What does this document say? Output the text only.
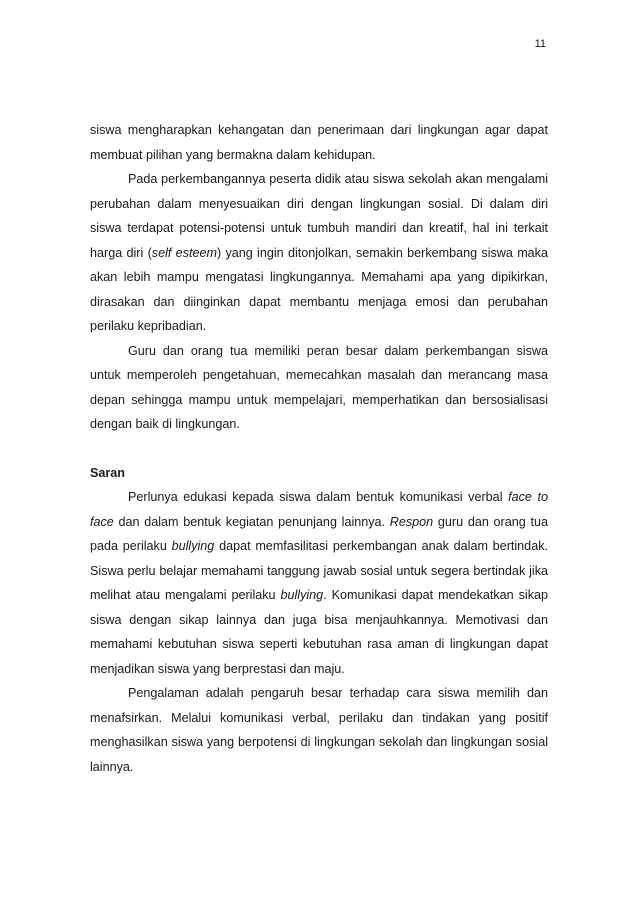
11

siswa mengharapkan kehangatan dan penerimaan dari lingkungan agar dapat membuat pilihan yang bermakna dalam kehidupan.

Pada perkembangannya peserta didik atau siswa sekolah akan mengalami perubahan dalam menyesuaikan diri dengan lingkungan sosial. Di dalam diri siswa terdapat potensi-potensi untuk tumbuh mandiri dan kreatif, hal ini terkait harga diri (self esteem) yang ingin ditonjolkan, semakin berkembang siswa maka akan lebih mampu mengatasi lingkungannya. Memahami apa yang dipikirkan, dirasakan dan diinginkan dapat membantu menjaga emosi dan perubahan perilaku kepribadian.

Guru dan orang tua memiliki peran besar dalam perkembangan siswa untuk memperoleh pengetahuan, memecahkan masalah dan merancang masa depan sehingga mampu untuk mempelajari, memperhatikan dan bersosialisasi dengan baik di lingkungan.

Saran

Perlunya edukasi kepada siswa dalam bentuk komunikasi verbal face to face dan dalam bentuk kegiatan penunjang lainnya. Respon guru dan orang tua pada perilaku bullying dapat memfasilitasi perkembangan anak dalam bertindak. Siswa perlu belajar memahami tanggung jawab sosial untuk segera bertindak jika melihat atau mengalami perilaku bullying. Komunikasi dapat mendekatkan sikap siswa dengan sikap lainnya dan juga bisa menjauhkannya. Memotivasi dan memahami kebutuhan siswa seperti kebutuhan rasa aman di lingkungan dapat menjadikan siswa yang berprestasi dan maju.

Pengalaman adalah pengaruh besar terhadap cara siswa memilih dan menafsirkan. Melalui komunikasi verbal, perilaku dan tindakan yang positif menghasilkan siswa yang berpotensi di lingkungan sekolah dan lingkungan sosial lainnya.
